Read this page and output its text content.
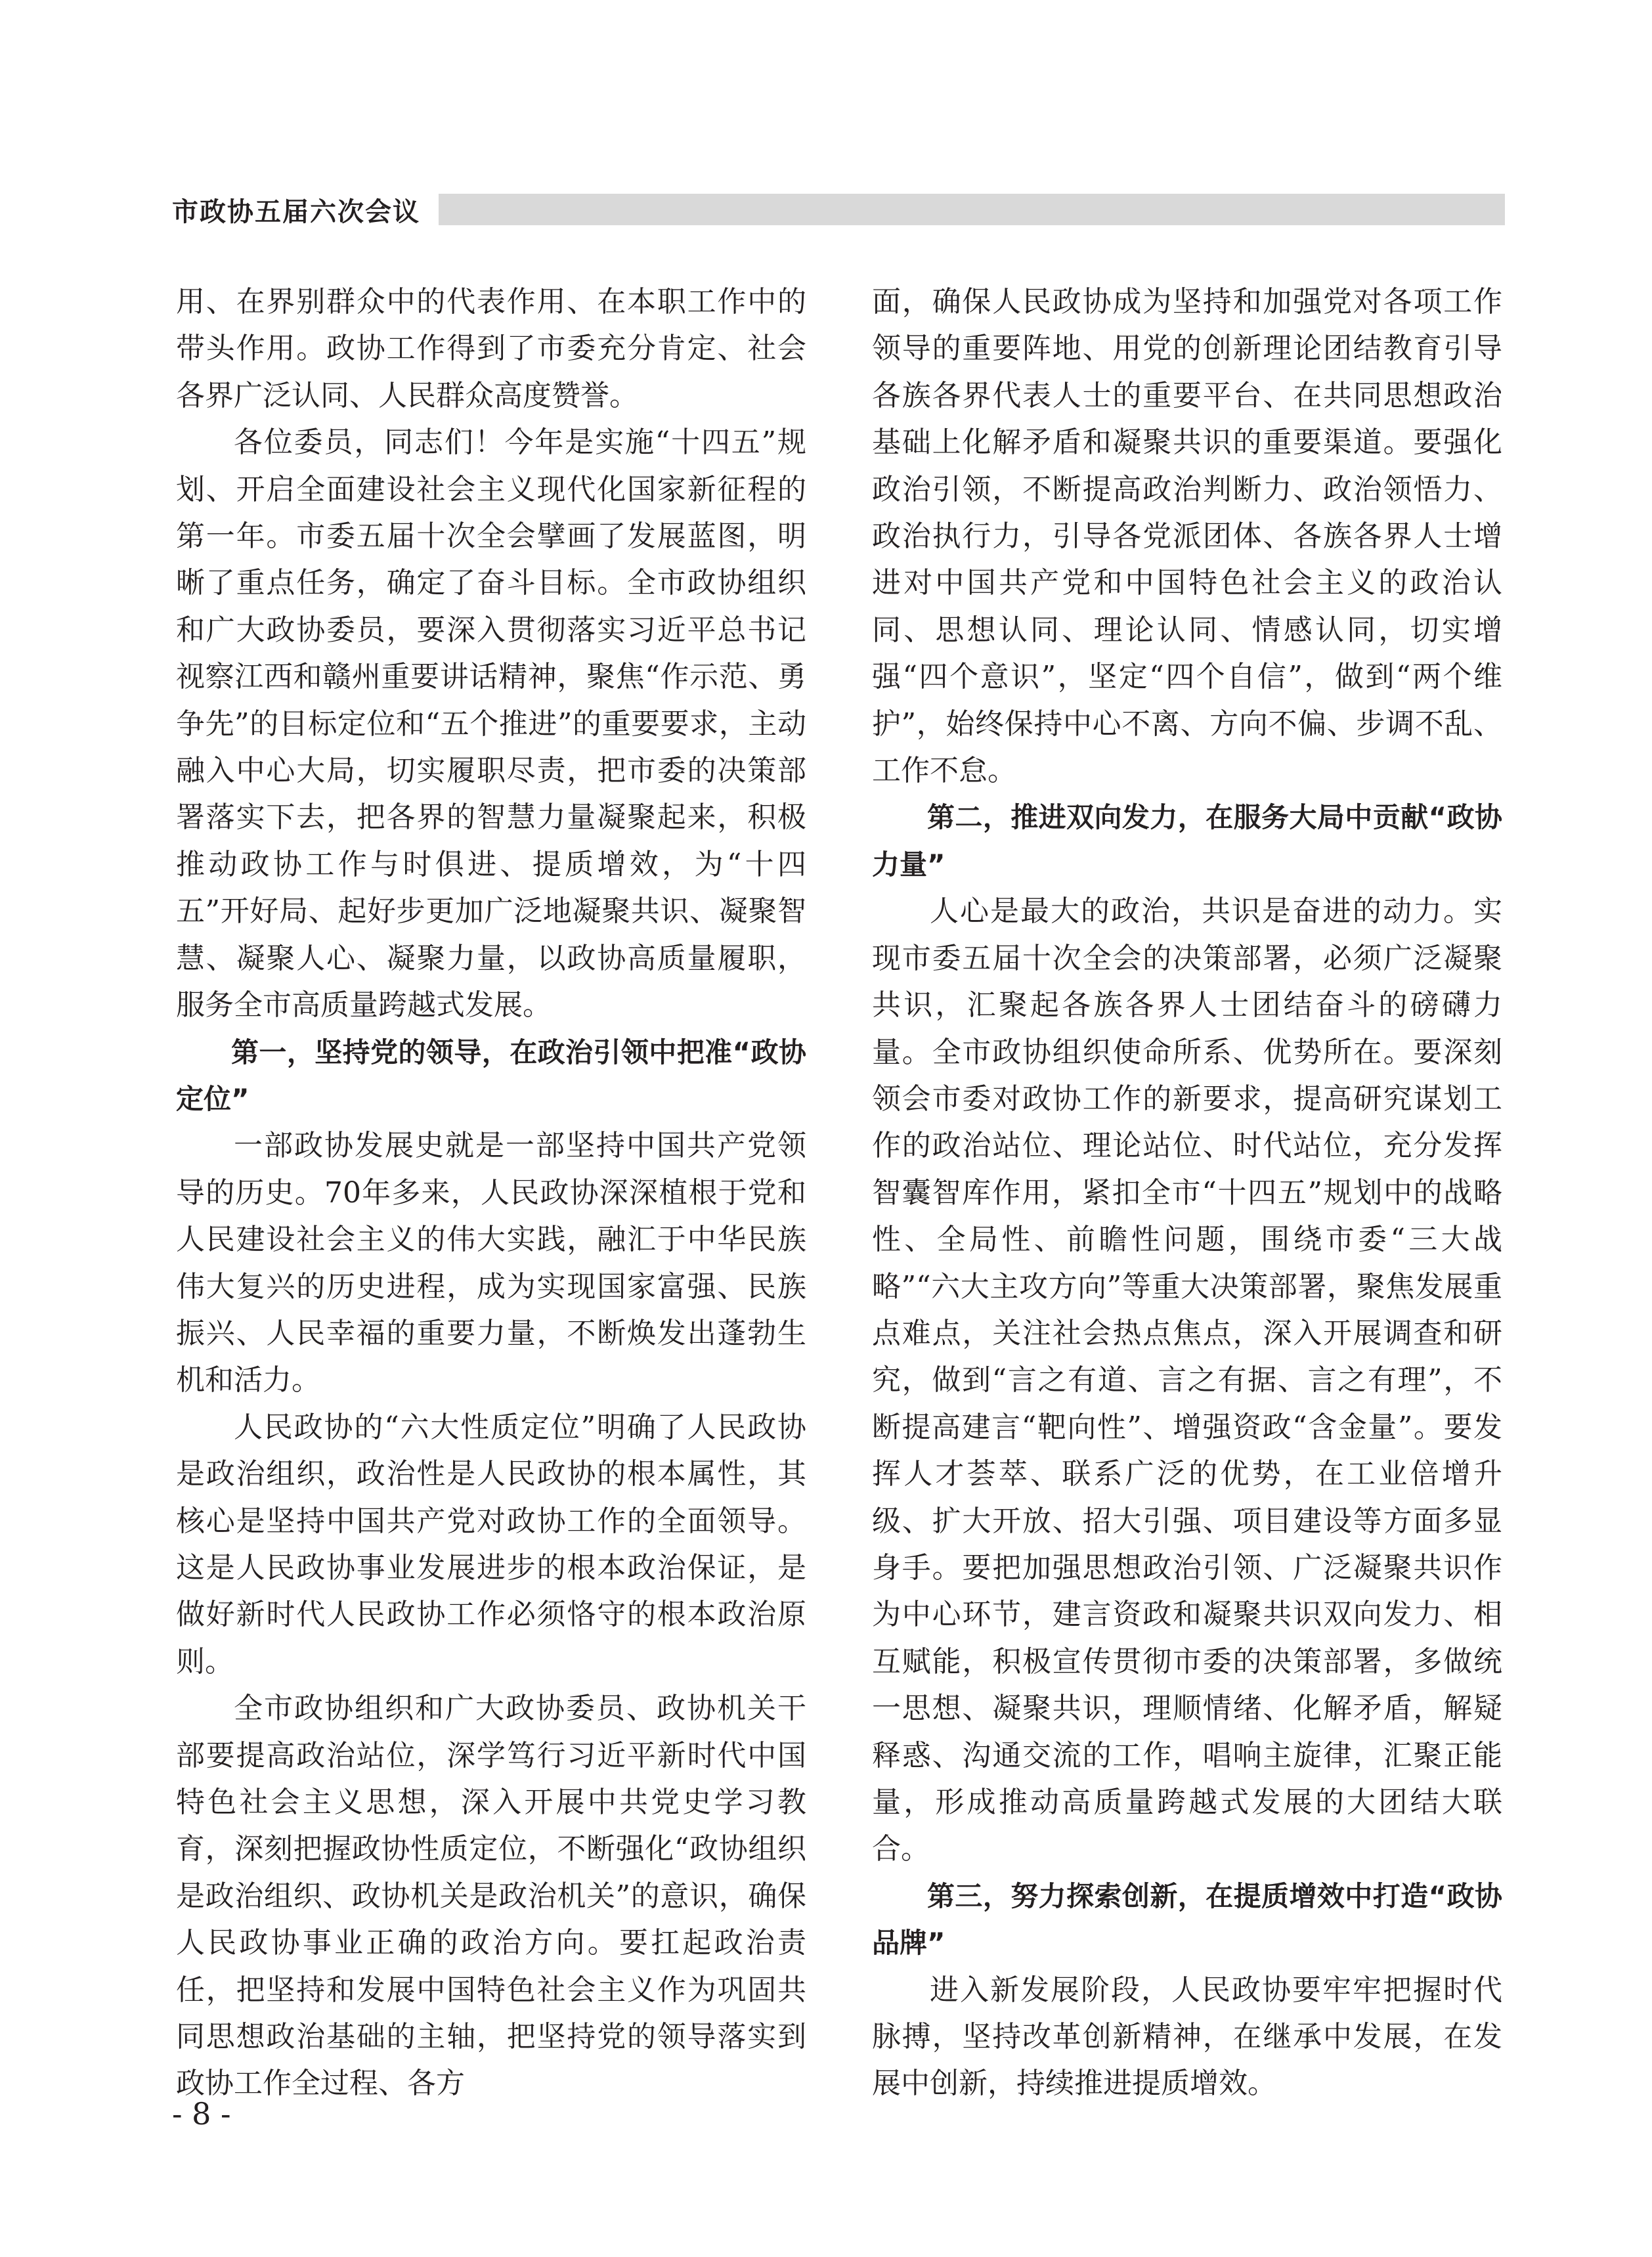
市政协五届六次会议

用、在界别群众中的代表作用、在本职工作中的带头作用。政协工作得到了市委充分肯定、社会各界广泛认同、人民群众高度赞誉。

各位委员，同志们！今年是实施“十四五”规划、开启全面建设社会主义现代化国家新征程的第一年。市委五届十次全会擘画了发展蓝图，明晰了重点任务，确定了奋斗目标。全市政协组织和广大政协委员，要深入贯彻落实习近平总书记视察江西和赣州重要讲话精神，聚焦“作示范、勇争先”的目标定位和“五个推进”的重要要求，主动融入中心大局，切实履职尽责，把市委的决策部署落实下去，把各界的智慧力量凝聚起来，积极推动政协工作与时俱进、提质增效，为“十四五”开好局、起好步更加广泛地凝聚共识、凝聚智慧、凝聚人心、凝聚力量，以政协高质量履职，服务全市高质量跨越式发展。

第一，坚持党的领导，在政治引领中把准“政协定位”

一部政协发展史就是一部坚持中国共产党领导的历史。70年多来，人民政协深深植根于党和人民建设社会主义的伟大实践，融汇于中华民族伟大复兴的历史进程，成为实现国家富强、民族振兴、人民幸福的重要力量，不断焕发出蓬勃生机和活力。

人民政协的“六大性质定位”明确了人民政协是政治组织，政治性是人民政协的根本属性，其核心是坚持中国共产党对政协工作的全面领导。这是人民政协事业发展进步的根本政治保证，是做好新时代人民政协工作必须恪守的根本政治原则。

全市政协组织和广大政协委员、政协机关干部要提高政治站位，深学笃行习近平新时代中国特色社会主义思想，深入开展中共党史学习教育，深刻把握政协性质定位，不断强化“政协组织是政治组织、政协机关是政治机关”的意识，确保人民政协事业正确的政治方向。要扛起政治责任，把坚持和发展中国特色社会主义作为巩固共同思想政治基础的主轴，把坚持党的领导落实到政协工作全过程、各方

面，确保人民政协成为坚持和加强党对各项工作领导的重要阵地、用党的创新理论团结教育引导各族各界代表人士的重要平台、在共同思想政治基础上化解矛盾和凝聚共识的重要渠道。要强化政治引领，不断提高政治判断力、政治领悟力、政治执行力，引导各党派团体、各族各界人士增进对中国共产党和中国特色社会主义的政治认同、思想认同、理论认同、情感认同，切实增强“四个意识”，坚定“四个自信”，做到“两个维护”，始终保持中心不离、方向不偏、步调不乱、工作不怠。

第二，推进双向发力，在服务大局中贡献“政协力量”

人心是最大的政治，共识是奋进的动力。实现市委五届十次全会的决策部署，必须广泛凝聚共识，汇聚起各族各界人士团结奋斗的磅礴力量。全市政协组织使命所系、优势所在。要深刻领会市委对政协工作的新要求，提高研究谋划工作的政治站位、理论站位、时代站位，充分发挥智囊智库作用，紧扣全市“十四五”规划中的战略性、全局性、前瞻性问题，围绕市委“三大战略”“六大主攻方向”等重大决策部署，聚焦发展重点难点，关注社会热点焦点，深入开展调查和研究，做到“言之有道、言之有据、言之有理”，不断提高建言“靶向性”、增强资政“含金量”。要发挥人才荟萃、联系广泛的优势，在工业倍增升级、扩大开放、招大引强、项目建设等方面多显身手。要把加强思想政治引领、广泛凝聚共识作为中心环节，建言资政和凝聚共识双向发力、相互赋能，积极宣传贯彻市委的决策部署，多做统一思想、凝聚共识，理顺情绪、化解矛盾，解疑释惑、沟通交流的工作，唱响主旋律，汇聚正能量，形成推动高质量跨越式发展的大团结大联合。

第三，努力探索创新，在提质增效中打造“政协品牌”

进入新发展阶段，人民政协要牢牢把握时代脉搏，坚持改革创新精神，在继承中发展，在发展中创新，持续推进提质增效。

- 8 -
